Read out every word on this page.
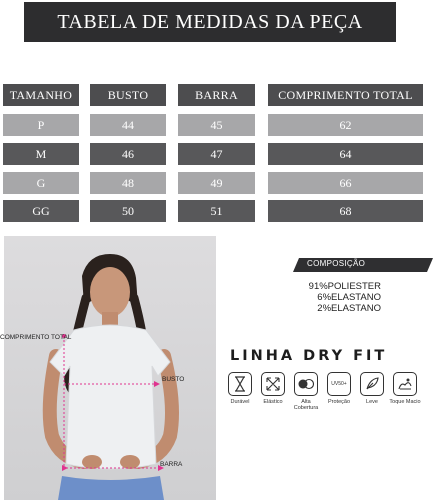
TABELA DE MEDIDAS DA PEÇA
TAMANHO	BUSTO	BARRA	COMPRIMENTO TOTAL
P	44	45	62
M	46	47	64
G	48	49	66
GG	50	51	68
COMPRIMENTO TOTAL
BUSTO
BARRA
COMPOSIÇÃO
91%POLIESTER
6%ELASTANO
2%ELASTANO
LINHA DRY FIT
Durável	Elástico	Alta Cobertura
UV50+
Proteção	Leve	Toque Macio
